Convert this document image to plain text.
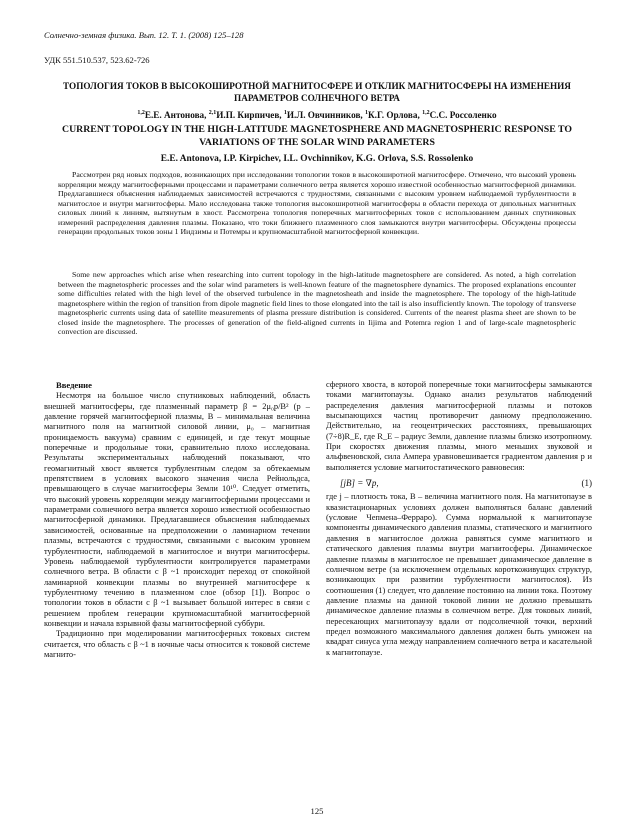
Солнечно-земная физика. Вып. 12. Т. 1. (2008) 125–128
УДК 551.510.537, 523.62-726
ТОПОЛОГИЯ ТОКОВ В ВЫСОКОШИРОТНОЙ МАГНИТОСФЕРЕ И ОТКЛИК МАГНИТОСФЕРЫ НА ИЗМЕНЕНИЯ ПАРАМЕТРОВ СОЛНЕЧНОГО ВЕТРА
$^{1,2}$Е.Е. Антонова, $^{2,1}$И.П. Кирпичев, $^1$И.Л. Овчинников, $^1$К.Г. Орлова, $^{1,2}$С.С. Россоленко
CURRENT TOPOLOGY IN THE HIGH-LATITUDE MAGNETOSPHERE AND MAGNETOSPHERIC RESPONSE TO VARIATIONS OF THE SOLAR WIND PARAMETERS
E.E. Antonova, I.P. Kirpichev, I.L. Ovchinnikov, K.G. Orlova, S.S. Rossolenko

Рассмотрен ряд новых подходов, возникающих при исследовании топологии токов в высокоширотной магнитосфере. Отмечено, что высокий уровень корреляции между магнитосферными процессами и параметрами солнечного ветра является хорошо известной особенностью магнитосферной динамики. Предлагавшиеся объяснения наблюдаемых зависимостей встречаются с трудностями, связанными с высоким уровнем наблюдаемой турбулентности в магнитослое и внутри магнитосферы. Мало исследована также топология высокоширотной магнитосферы в области перехода от дипольных магнитных силовых линий к линиям, вытянутым в хвост. Рассмотрена топология поперечных магнитосферных токов с использованием данных спутниковых измерений распределения давления плазмы. Показано, что токи ближнего плазменного слоя замыкаются внутри магнитосферы. Обсуждены процессы генерации продольных токов зоны 1 Иидзимы и Потемры и крупномасштабной магнитосферной конвекции.

Some new approaches which arise when researching into current topology in the high-latitude magnetosphere are considered. As noted, a high correlation between the magnetospheric processes and the solar wind parameters is well-known feature of the magnetosphere dynamics. The proposed explanations encounter some difficulties related with the high level of the observed turbulence in the magnetosheath and inside the magnetosphere. The topology of the high-latitude magnetosphere within the region of transition from dipole magnetic field lines to those elongated into the tail is also insufficiently known. The topology of transverse magnetospheric currents using data of satellite measurements of plasma pressure distribution is considered. Currents of the nearest plasma sheet are shown to be closed inside the magnetosphere. The processes of generation of the field-aligned currents in Iijima and Potemra region 1 and of large-scale magnetospheric convection are discussed.

Введение

Несмотря на большое число спутниковых наблюдений, область внешней магнитосферы, где плазменный параметр β = 2μ₀p/B² (p – давление горячей магнитосферной плазмы, B – минимальная величина магнитного поля на магнитной силовой линии, μ₀ – магнитная проницаемость вакуума) сравним с единицей, и где текут мощные поперечные и продольные токи, сравнительно плохо исследована. Результаты экспериментальных наблюдений показывают, что геомагнитный хвост является турбулентным следом за обтекаемым препятствием в условиях высокого значения числа Рейнольдса, превышающего в случае магнитосферы Земли 10¹⁰. Следует отметить, что высокий уровень корреляции между магнитосферными процессами и параметрами солнечного ветра является хорошо известной особенностью магнитосферной динамики. Предлагавшиеся объяснения наблюдаемых зависимостей, основанные на предположении о ламинарном течении плазмы, встречаются с трудностями, связанными с высоким уровнем турбулентности, наблюдаемой в магнитослое и внутри магнитосферы. Уровень наблюдаемой турбулентности контролируется параметрами солнечного ветра. В области с β ~1 происходит переход от спокойной ламинарной конвекции плазмы во внутренней магнитосфере к турбулентному течению в плазменном слое (обзор [1]). Вопрос о топологии токов в области с β ~1 вызывает большой интерес в связи с решением проблем генерации крупномасштабной магнитосферной конвекции и начала взрывной фазы магнитосферной суббури.

Традиционно при моделировании магнитосферных токовых систем считается, что область с β ~1 в ночные часы относится к токовой системе магнито-

сферного хвоста, в которой поперечные токи магнитосферы замыкаются токами магнитопаузы. Однако анализ результатов наблюдений распределения давления магнитосферной плазмы и потоков высыпающихся частиц противоречит данному предположению. Действительно, на геоцентрических расстояниях, превышающих (7÷8)R_E, где R_E – радиус Земли, давление плазмы близко изотропному. При скоростях движения плазмы, много меньших звуковой и альфвеновской, сила Ампера уравновешивается градиентом давления p и выполняется условие магнитостатического равновесия:

[jB] = ∇p,	(1)

где j – плотность тока, B – величина магнитного поля. На магнитопаузе в квазистационарных условиях должен выполняться баланс давлений (условие Чепмена–Ферраро). Сумма нормальной к магнитопаузе компоненты динамического давления плазмы, статического и магнитного давления в магнитослое должна равняться сумме магнитного и статического давления плазмы внутри магнитосферы. Динамическое давление плазмы в магнитослое не превышает динамическое давление в солнечном ветре (за исключением отдельных короткоживущих структур, возникающих при развитии турбулентности магнитослоя). Из соотношения (1) следует, что давление постоянно на линии тока. Поэтому давление плазмы на данной токовой линии не должно превышать динамическое давление плазмы в солнечном ветре. Для токовых линий, пересекающих магнитопаузу вдали от подсолнечной точки, верхний предел возможного максимального давления должен быть умножен на квадрат синуса угла между направлением солнечного ветра и касательной к магнитопаузе.

125
